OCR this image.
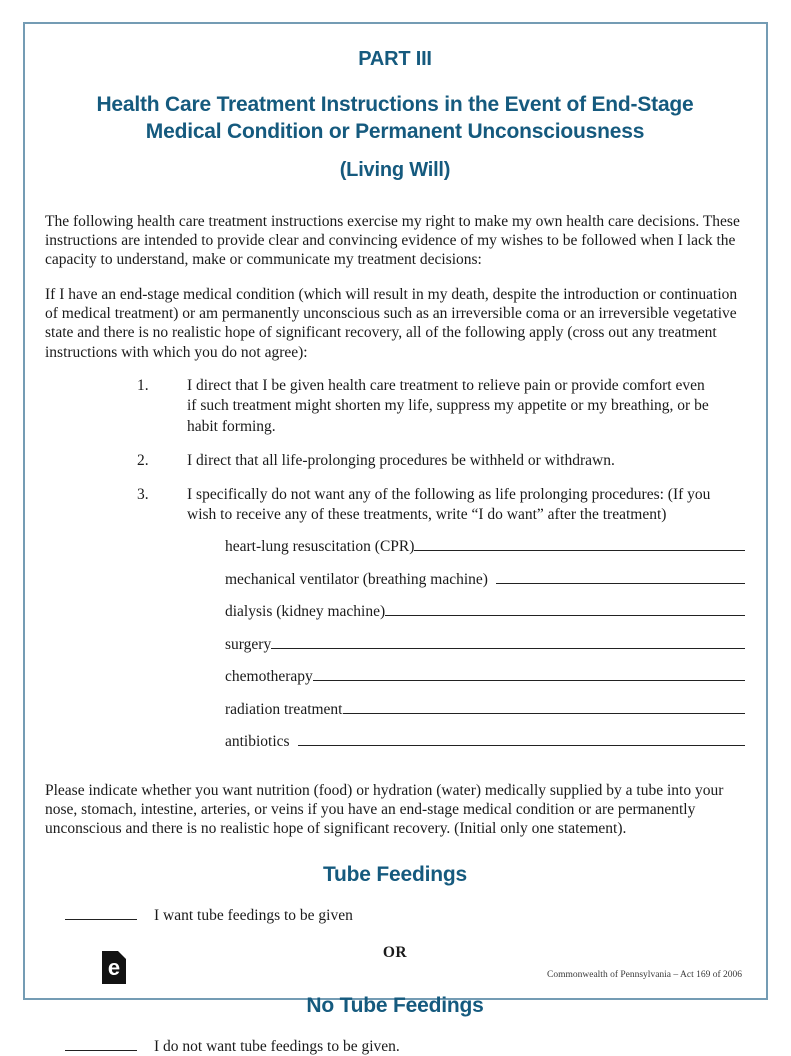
PART III
Health Care Treatment Instructions in the Event of End-Stage
Medical Condition or Permanent Unconsciousness
(Living Will)

The following health care treatment instructions exercise my right to make my own health care decisions. These instructions are intended to provide clear and convincing evidence of my wishes to be followed when I lack the capacity to understand, make or communicate my treatment decisions:

If I have an end-stage medical condition (which will result in my death, despite the introduction or continuation of medical treatment) or am permanently unconscious such as an irreversible coma or an irreversible vegetative state and there is no realistic hope of significant recovery, all of the following apply (cross out any treatment instructions with which you do not agree):

1.	I direct that I be given health care treatment to relieve pain or provide comfort even if such treatment might shorten my life, suppress my appetite or my breathing, or be habit forming.
2.	I direct that all life-prolonging procedures be withheld or withdrawn.
3.	I specifically do not want any of the following as life prolonging procedures: (If you wish to receive any of these treatments, write “I do want” after the treatment)
heart-lung resuscitation (CPR)
mechanical ventilator (breathing machine)
dialysis (kidney machine)
surgery
chemotherapy
radiation treatment
antibiotics

Please indicate whether you want nutrition (food) or hydration (water) medically supplied by a tube into your nose, stomach, intestine, arteries, or veins if you have an end-stage medical condition or are permanently unconscious and there is no realistic hope of significant recovery. (Initial only one statement).

Tube Feedings
I want tube feedings to be given
OR
No Tube Feedings
I do not want tube feedings to be given.
e	Commonwealth of Pennsylvania – Act 169 of 2006
